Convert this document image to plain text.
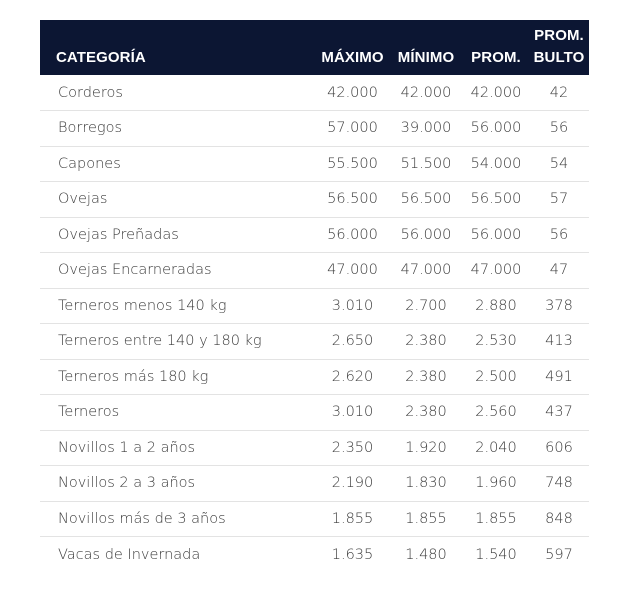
CATEGORÍA	MÁXIMO	MÍNIMO	PROM.	PROM.
BULTO
Corderos	42.000	42.000	42.000	42
Borregos	57.000	39.000	56.000	56
Capones	55.500	51.500	54.000	54
Ovejas	56.500	56.500	56.500	57
Ovejas Preñadas	56.000	56.000	56.000	56
Ovejas Encarneradas	47.000	47.000	47.000	47
Terneros menos 140 kg	3.010	2.700	2.880	378
Terneros entre 140 y 180 kg	2.650	2.380	2.530	413
Terneros más 180 kg	2.620	2.380	2.500	491
Terneros	3.010	2.380	2.560	437
Novillos 1 a 2 años	2.350	1.920	2.040	606
Novillos 2 a 3 años	2.190	1.830	1.960	748
Novillos más de 3 años	1.855	1.855	1.855	848
Vacas de Invernada	1.635	1.480	1.540	597
